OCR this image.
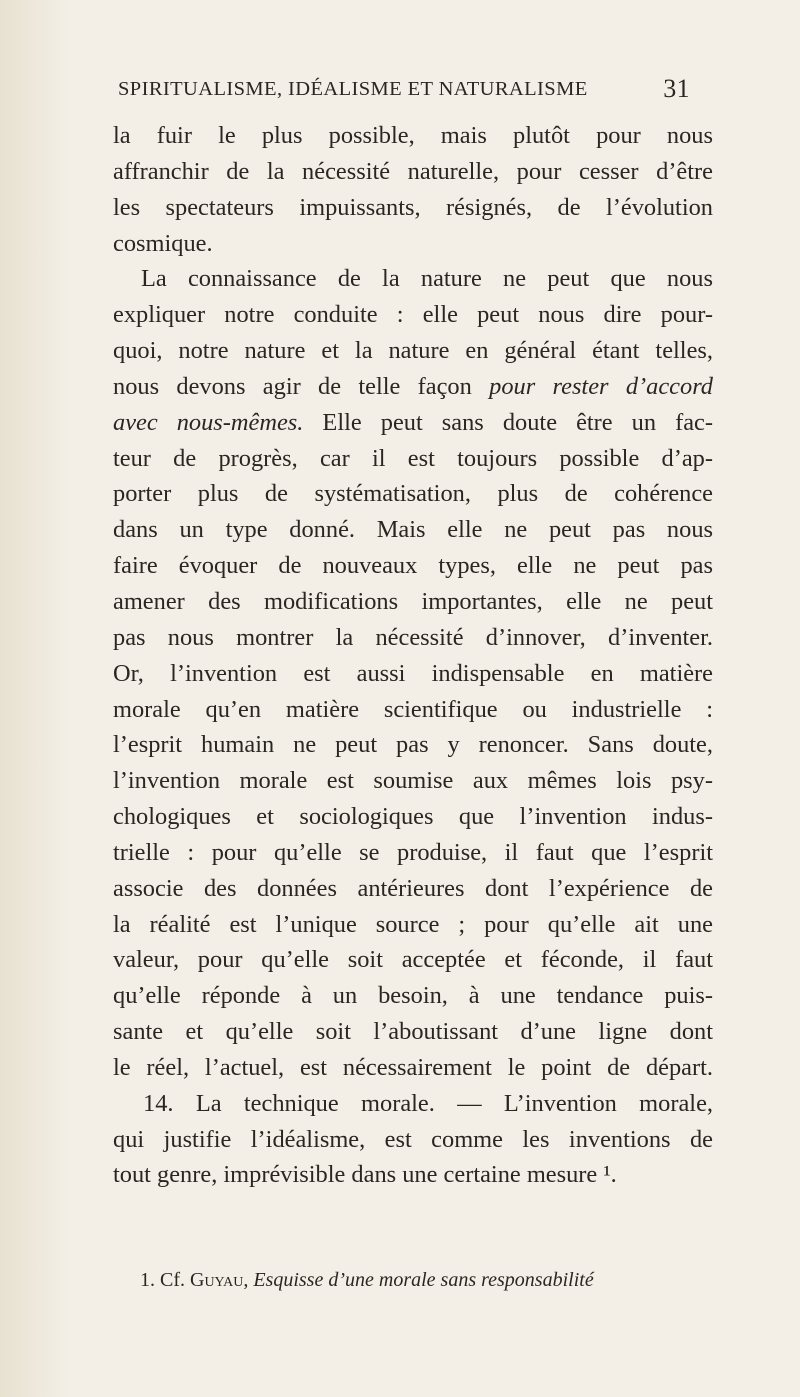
SPIRITUALISME, IDÉALISME ET NATURALISME	31
la fuir le plus possible, mais plutôt pour nous
affranchir de la nécessité naturelle, pour cesser d’être
les spectateurs impuissants, résignés, de l’évolution
cosmique.
La connaissance de la nature ne peut que nous
expliquer notre conduite : elle peut nous dire pour-
quoi, notre nature et la nature en général étant telles,
nous devons agir de telle façon pour rester d’accord
avec nous-mêmes. Elle peut sans doute être un fac-
teur de progrès, car il est toujours possible d’ap-
porter plus de systématisation, plus de cohérence
dans un type donné. Mais elle ne peut pas nous
faire évoquer de nouveaux types, elle ne peut pas
amener des modifications importantes, elle ne peut
pas nous montrer la nécessité d’innover, d’inventer.
Or, l’invention est aussi indispensable en matière
morale qu’en matière scientifique ou industrielle :
l’esprit humain ne peut pas y renoncer. Sans doute,
l’invention morale est soumise aux mêmes lois psy-
chologiques et sociologiques que l’invention indus-
trielle : pour qu’elle se produise, il faut que l’esprit
associe des données antérieures dont l’expérience de
la réalité est l’unique source ; pour qu’elle ait une
valeur, pour qu’elle soit acceptée et féconde, il faut
qu’elle réponde à un besoin, à une tendance puis-
sante et qu’elle soit l’aboutissant d’une ligne dont
le réel, l’actuel, est nécessairement le point de départ.
14. La technique morale. — L’invention morale,
qui justifie l’idéalisme, est comme les inventions de
tout genre, imprévisible dans une certaine mesure ¹.
1. Cf. Guyau, Esquisse d’une morale sans responsabilité
